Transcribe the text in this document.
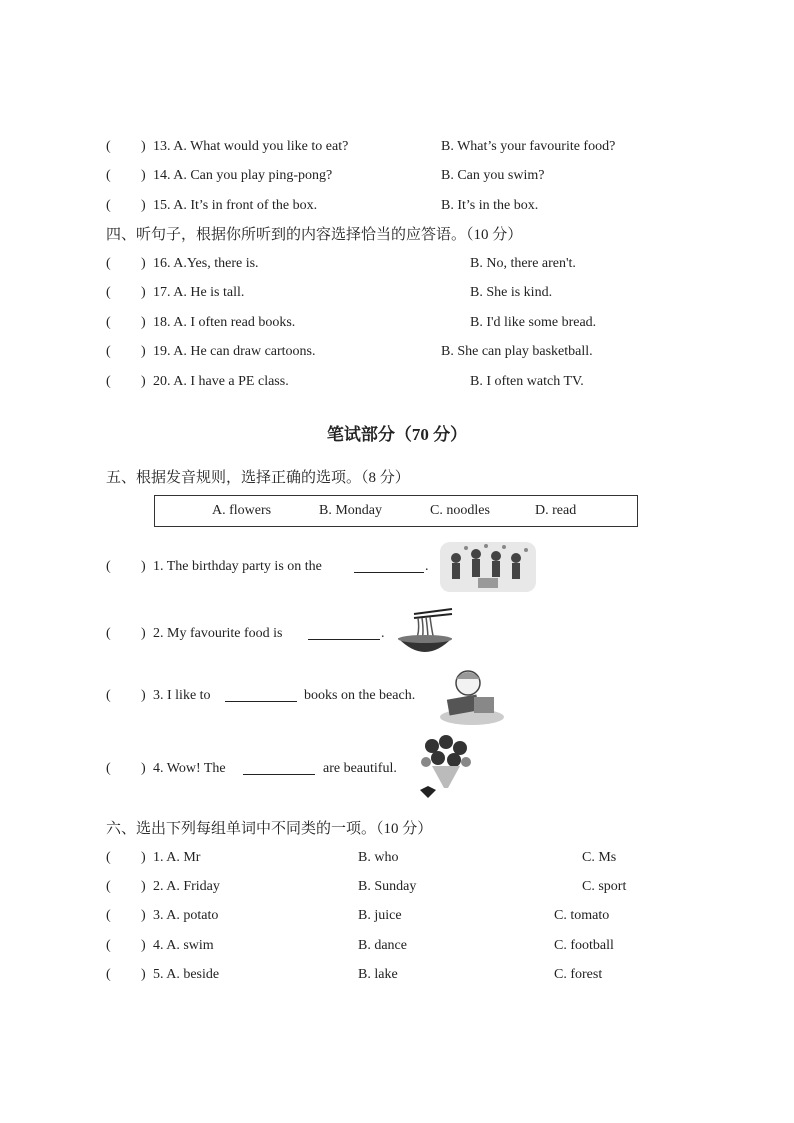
( ) 13. A. What would you like to eat?	B. What’s your favourite food?
( ) 14. A. Can you play ping-pong?	B. Can you swim?
( ) 15. A. It’s in front of the box.	B. It’s in the box.
四、听句子，根据你所听到的内容选择恰当的应答语。（10 分）
( ) 16. A.Yes, there is.	B. No, there aren't.
( ) 17. A. He is tall.	B. She is kind.
( ) 18. A. I often read books.	B. I'd like some bread.
( ) 19. A. He can draw cartoons.	B. She can play basketball.
( ) 20. A. I have a PE class.	B. I often watch TV.
笔试部分（70 分）
五、根据发音规则，选择正确的选项。（8 分）
A. flowers	B. Monday	C. noodles	D. read
( ) 1. The birthday party is on the	.
( ) 2. My favourite food is	.
( ) 3. I like to	books on the beach.
( ) 4. Wow! The	are beautiful.
六、选出下列每组单词中不同类的一项。（10 分）
( ) 1. A. Mr	B. who	C. Ms
( ) 2. A. Friday	B. Sunday	C. sport
( ) 3. A. potato	B. juice	C. tomato
( ) 4. A. swim	B. dance	C. football
( ) 5. A. beside	B. lake	C. forest
